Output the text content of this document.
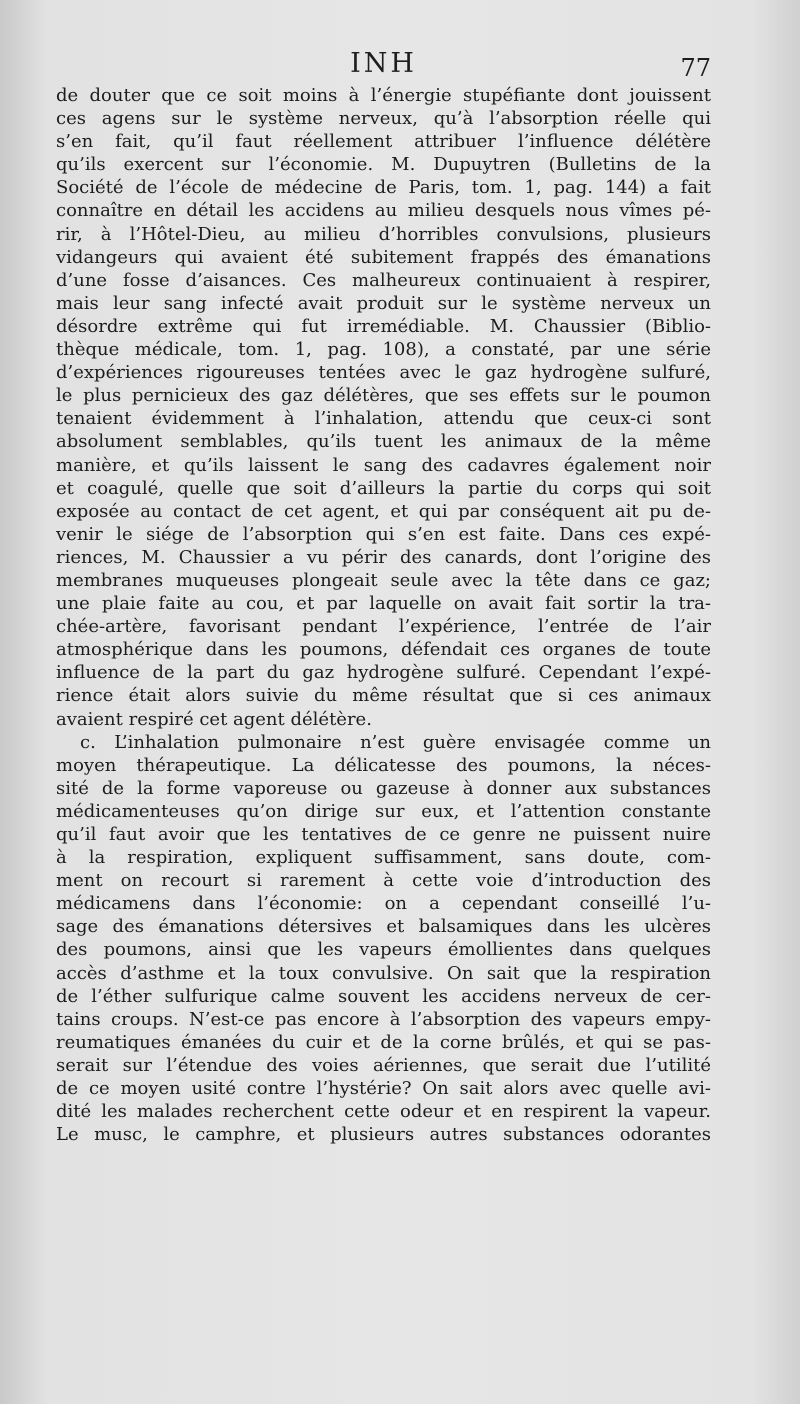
INH	77
de douter que ce soit moins à l’énergie stupéfiante dont jouissent
ces agens sur le système nerveux, qu’à l’absorption réelle qui
s’en fait, qu’il faut réellement attribuer l’influence délétère
qu’ils exercent sur l’économie. M. Dupuytren (Bulletins de la
Société de l’école de médecine de Paris, tom. 1, pag. 144) a fait
connaître en détail les accidens au milieu desquels nous vîmes pé-
rir, à l’Hôtel-Dieu, au milieu d’horribles convulsions, plusieurs
vidangeurs qui avaient été subitement frappés des émanations
d’une fosse d’aisances. Ces malheureux continuaient à respirer,
mais leur sang infecté avait produit sur le système nerveux un
désordre extrême qui fut irremédiable. M. Chaussier (Biblio-
thèque médicale, tom. 1, pag. 108), a constaté, par une série
d’expériences rigoureuses tentées avec le gaz hydrogène sulfuré,
le plus pernicieux des gaz délétères, que ses effets sur le poumon
tenaient évidemment à l’inhalation, attendu que ceux-ci sont
absolument semblables, qu’ils tuent les animaux de la même
manière, et qu’ils laissent le sang des cadavres également noir
et coagulé, quelle que soit d’ailleurs la partie du corps qui soit
exposée au contact de cet agent, et qui par conséquent ait pu de-
venir le siége de l’absorption qui s’en est faite. Dans ces expé-
riences, M. Chaussier a vu périr des canards, dont l’origine des
membranes muqueuses plongeait seule avec la tête dans ce gaz;
une plaie faite au cou, et par laquelle on avait fait sortir la tra-
chée-artère, favorisant pendant l’expérience, l’entrée de l’air
atmosphérique dans les poumons, défendait ces organes de toute
influence de la part du gaz hydrogène sulfuré. Cependant l’expé-
rience était alors suivie du même résultat que si ces animaux
avaient respiré cet agent délétère.
c. L’inhalation pulmonaire n’est guère envisagée comme un
moyen thérapeutique. La délicatesse des poumons, la néces-
sité de la forme vaporeuse ou gazeuse à donner aux substances
médicamenteuses qu’on dirige sur eux, et l’attention constante
qu’il faut avoir que les tentatives de ce genre ne puissent nuire
à la respiration, expliquent suffisamment, sans doute, com-
ment on recourt si rarement à cette voie d’introduction des
médicamens dans l’économie: on a cependant conseillé l’u-
sage des émanations détersives et balsamiques dans les ulcères
des poumons, ainsi que les vapeurs émollientes dans quelques
accès d’asthme et la toux convulsive. On sait que la respiration
de l’éther sulfurique calme souvent les accidens nerveux de cer-
tains croups. N’est-ce pas encore à l’absorption des vapeurs empy-
reumatiques émanées du cuir et de la corne brûlés, et qui se pas-
serait sur l’étendue des voies aériennes, que serait due l’utilité
de ce moyen usité contre l’hystérie? On sait alors avec quelle avi-
dité les malades recherchent cette odeur et en respirent la vapeur.
Le musc, le camphre, et plusieurs autres substances odorantes
